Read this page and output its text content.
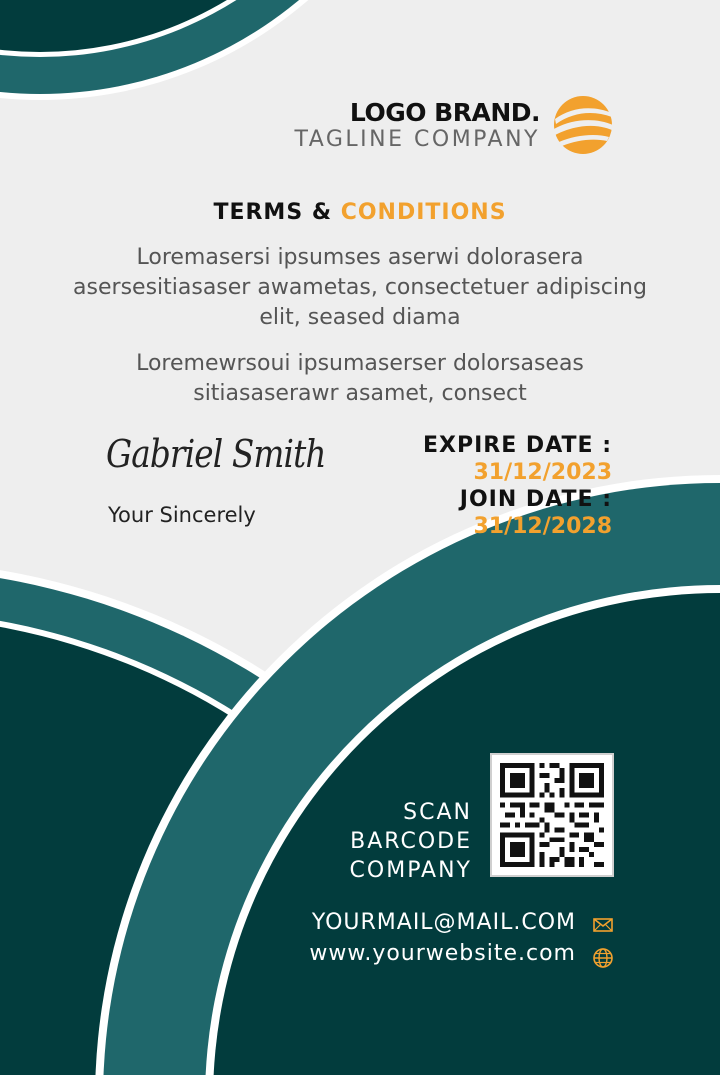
LOGO BRAND.
TAGLINE COMPANY
TERMS & CONDITIONS
Loremasersi ipsumses aserwi dolorasera asersesitiasaser awametas, consectetuer adipiscing elit, seased diama
Loremewrsoui ipsumaserser dolorsaseas sitiasaserawr asamet, consect
Gabriel Smith
Your Sincerely
EXPIRE DATE :
31/12/2023
JOIN DATE :
31/12/2028
SCAN
BARCODE
COMPANY
YOURMAIL@MAIL.COM
www.yourwebsite.com
